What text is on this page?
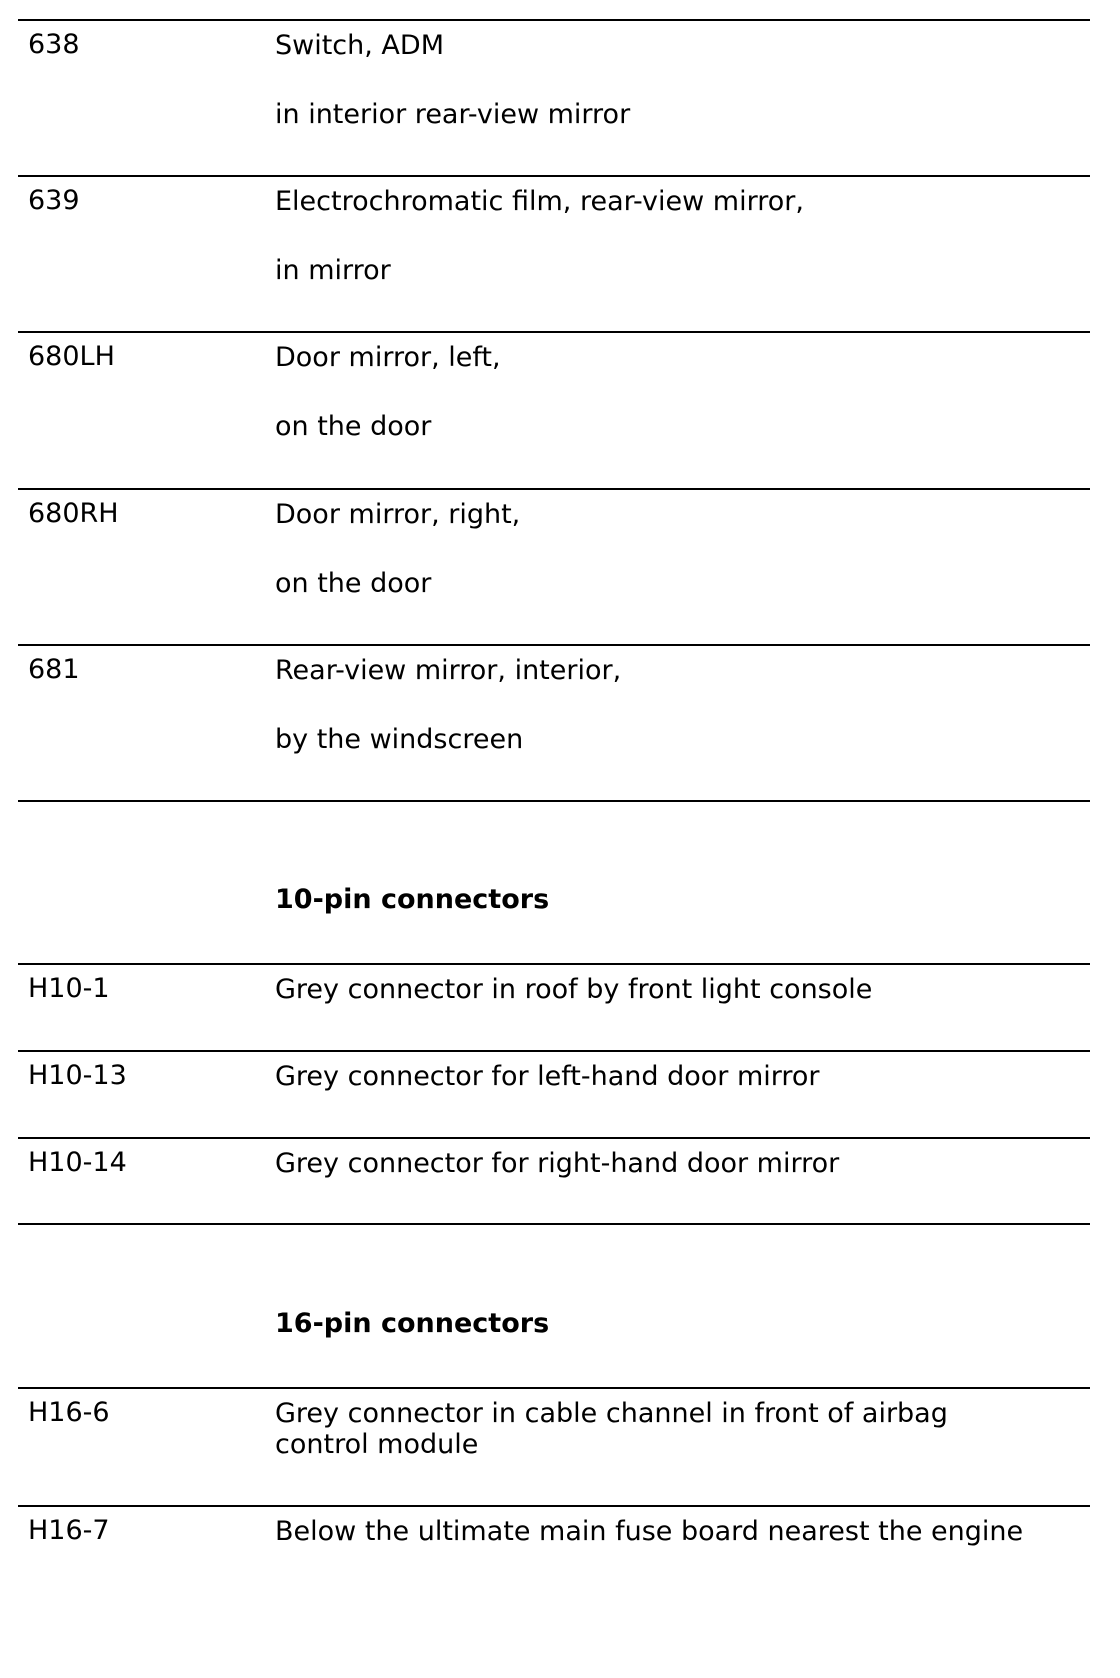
638	Switch, ADM
in interior rear-view mirror
639	Electrochromatic film, rear-view mirror,
in mirror
680LH	Door mirror, left,
on the door
680RH	Door mirror, right,
on the door
681	Rear-view mirror, interior,
by the windscreen
10-pin connectors
H10-1	Grey connector in roof by front light console
H10-13	Grey connector for left-hand door mirror
H10-14	Grey connector for right-hand door mirror
16-pin connectors
H16-6	Grey connector in cable channel in front of airbag
control module
H16-7	Below the ultimate main fuse board nearest the engine
